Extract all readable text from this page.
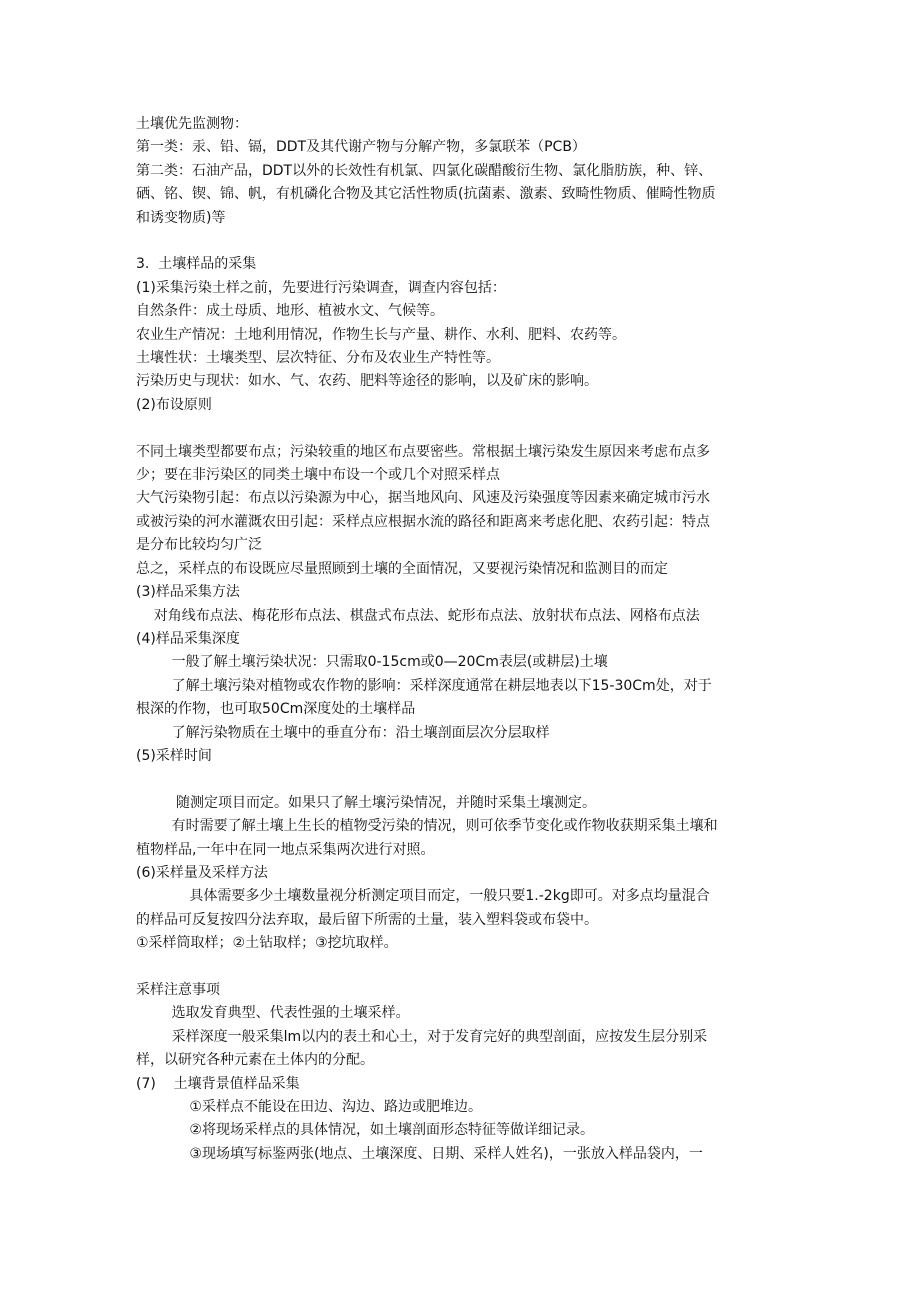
土壤优先监测物：
第一类：汞、铅、镉，DDT及其代谢产物与分解产物，多氯联苯（PCB）
第二类：石油产品，DDT以外的长效性有机氯、四氯化碳醋酸衍生物、氯化脂肪族，种、锌、
硒、铭、锲、锦、帆，有机磷化合物及其它活性物质(抗菌素、激素、致畸性物质、催畸性物质
和诱变物质)等
3.  土壤样品的采集
(1)采集污染土样之前，先要进行污染调查，调查内容包括：
自然条件：成土母质、地形、植被水文、气候等。
农业生产情况：土地利用情况，作物生长与产量、耕作、水利、肥料、农药等。
土壤性状：土壤类型、层次特征、分布及农业生产特性等。
污染历史与现状：如水、气、农药、肥料等途径的影响，以及矿床的影响。
(2)布设原则
不同土壤类型都要布点；污染较重的地区布点要密些。常根据土壤污染发生原因来考虑布点多
少；要在非污染区的同类土壤中布设一个或几个对照采样点
大气污染物引起：布点以污染源为中心，据当地风向、风速及污染强度等因素来确定城市污水
或被污染的河水灌溉农田引起：采样点应根据水流的路径和距离来考虑化肥、农药引起：特点
是分布比较均匀广泛
总之，采样点的布设既应尽量照顾到土壤的全面情况，又要视污染情况和监测目的而定
(3)样品采集方法
对角线布点法、梅花形布点法、棋盘式布点法、蛇形布点法、放射状布点法、网格布点法
(4)样品采集深度
一般了解土壤污染状况：只需取0-15cm或0—20Cm表层(或耕层)土壤
了解土壤污染对植物或农作物的影响：采样深度通常在耕层地表以下15-30Cm处，对于
根深的作物，也可取50Cm深度处的土壤样品
了解污染物质在土壤中的垂直分布：沿土壤剖面层次分层取样
(5)采样时间
随测定项目而定。如果只了解土壤污染情况，并随时采集土壤测定。
有时需要了解土壤上生长的植物受污染的情况，则可依季节变化或作物收获期采集土壤和
植物样品,一年中在同一地点采集两次进行对照。
(6)采样量及采样方法
具体需要多少土壤数量视分析测定项目而定，一般只要1.-2kg即可。对多点均量混合
的样品可反复按四分法弃取，最后留下所需的土量，装入塑料袋或布袋中。
①采样筒取样；②土钻取样；③挖坑取样。
采样注意事项
选取发育典型、代表性强的土壤采样。
采样深度一般采集lm以内的表土和心土，对于发育完好的典型剖面，应按发生层分别采
样，以研究各种元素在土体内的分配。
(7)    土壤背景值样品采集
①采样点不能设在田边、沟边、路边或肥堆边。
②将现场采样点的具体情况，如土壤剖面形态特征等做详细记录。
③现场填写标鉴两张(地点、土壤深度、日期、采样人姓名)，一张放入样品袋内，一
